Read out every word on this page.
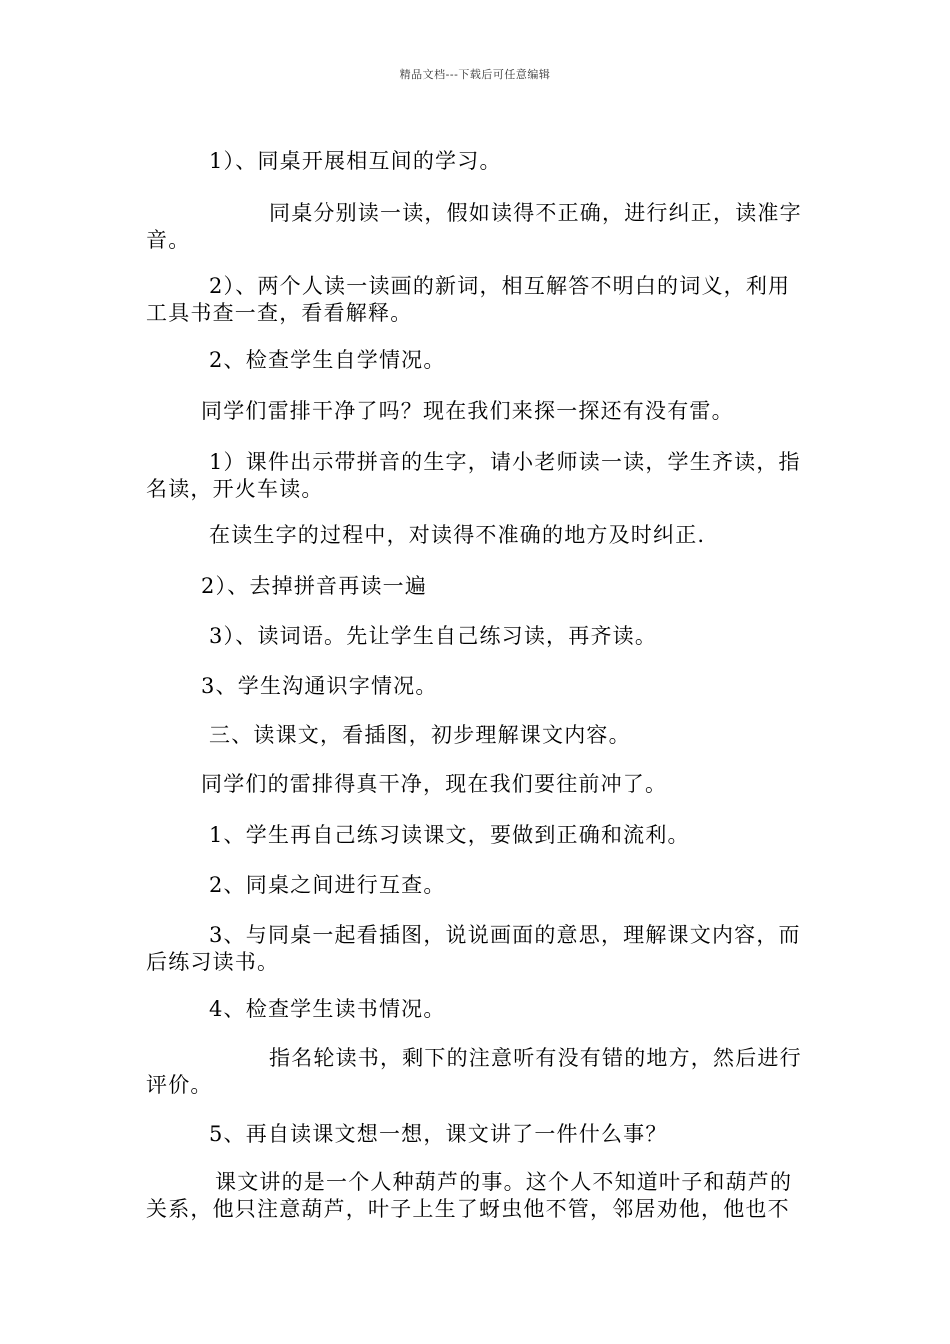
精品文档---下载后可任意编辑

1）、同桌开展相互间的学习。

同桌分别读一读，假如读得不正确，进行纠正，读准字音。

2）、两个人读一读画的新词，相互解答不明白的词义，利用工具书查一查，看看解释。

2、检查学生自学情况。

同学们雷排干净了吗？现在我们来探一探还有没有雷。

1）课件出示带拼音的生字，请小老师读一读，学生齐读，指名读，开火车读。

在读生字的过程中，对读得不准确的地方及时纠正.

2）、去掉拼音再读一遍

3）、读词语。先让学生自己练习读，再齐读。

3、学生沟通识字情况。

三、读课文，看插图，初步理解课文内容。

同学们的雷排得真干净，现在我们要往前冲了。

1、学生再自己练习读课文，要做到正确和流利。

2、同桌之间进行互查。

3、与同桌一起看插图，说说画面的意思，理解课文内容，而后练习读书。

4、检查学生读书情况。

指名轮读书，剩下的注意听有没有错的地方，然后进行评价。

5、再自读课文想一想，课文讲了一件什么事？

课文讲的是一个人种葫芦的事。这个人不知道叶子和葫芦的关系，他只注意葫芦，叶子上生了蚜虫他不管，邻居劝他，他也不
